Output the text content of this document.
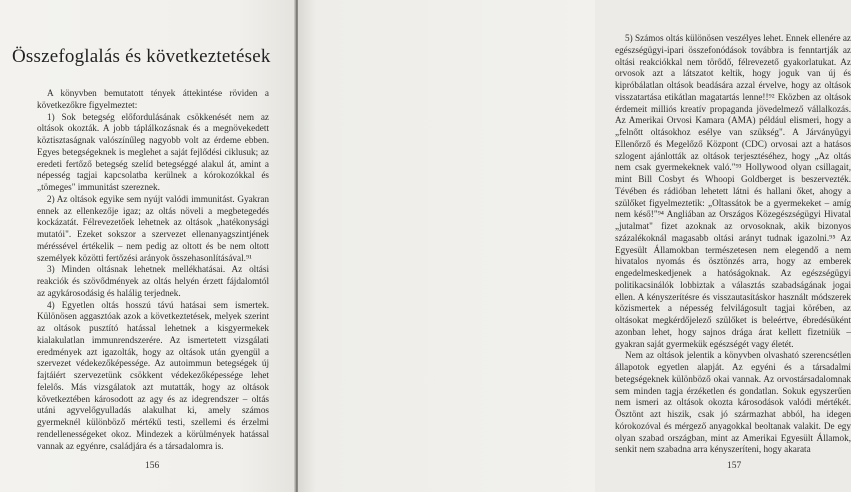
Összefoglalás és következtetések

A könyvben bemutatott tények áttekintése röviden a következőkre figyelmeztet:

1) Sok betegség előfordulásának csökkenését nem az oltások okozták. A jobb táplálkozásnak és a megnövekedett köztisztaságnak valószínűleg nagyobb volt az érdeme ebben. Egyes betegségeknek is meglehet a saját fejlődési ciklusuk; az eredeti fertőző betegség szelíd betegséggé alakul át, amint a népesség tagjai kapcsolatba kerülnek a kórokozókkal és „tömeges" immunitást szereznek.

2) Az oltások egyike sem nyújt valódi immunitást. Gyakran ennek az ellenkezője igaz; az oltás növeli a megbetegedés kockázatát. Félrevezetőek lehetnek az oltások „hatékonysági mutatói". Ezeket sokszor a szervezet ellenanyagszintjének méréssével értékelik – nem pedig az oltott és be nem oltott személyek közötti fertőzési arányok összehasonlításával.⁹¹

3) Minden oltásnak lehetnek mellékhatásai. Az oltási reakciók és szövődmények az oltás helyén érzett fájdalomtól az agykárosodásig és halálig terjednek.

4) Egyetlen oltás hosszú távú hatásai sem ismertek. Különösen aggasztóak azok a következtetések, melyek szerint az oltások pusztító hatással lehetnek a kisgyermekek kialakulatlan immunrendszerére. Az ismertetett vizsgálati eredmények azt igazolták, hogy az oltások után gyengül a szervezet védekezőképessége. Az autoimmun betegségek új fajtáiért szervezetünk csökkent védekezőképessége lehet felelős. Más vizsgálatok azt mutatták, hogy az oltások következtében károsodott az agy és az idegrendszer – oltás utáni agyvelőgyulladás alakulhat ki, amely számos gyermeknél különböző mértékű testi, szellemi és érzelmi rendellenességeket okoz. Mindezek a körülmények hatással vannak az egyénre, családjára és a társadalomra is.

156

5) Számos oltás különösen veszélyes lehet. Ennek ellenére az egészségügyi-ipari összefonódások továbbra is fenntartják az oltási reakciókkal nem törődő, félrevezető gyakorlatukat. Az orvosok azt a látszatot keltik, hogy joguk van új és kipróbálatlan oltások beadására azzal érvelve, hogy az oltások visszatartása etikátlan magatartás lenne!!⁹² Eközben az oltások érdemeit milliós kreatív propaganda jövedelmező vállalkozás. Az Amerikai Orvosi Kamara (AMA) például elismeri, hogy a „felnőtt oltásokhoz esélye van szükség". A Járványügyi Ellenőrző és Megelőző Központ (CDC) orvosai azt a hatásos szlogent ajánlották az oltások terjesztéséhez, hogy „Az oltás nem csak gyermekeknek való."⁹³ Hollywood olyan csillagait, mint Bill Cosbyt és Whoopi Goldberget is beszervezték. Tévében és rádióban lehetett látni és hallani őket, ahogy a szülőket figyelmeztetik: „Oltassátok be a gyermekeket – amíg nem késő!"⁹⁴ Angliában az Országos Közegészségügyi Hivatal „jutalmat" fizet azoknak az orvosoknak, akik bizonyos százalékoknál magasabb oltási arányt tudnak igazolni.⁹⁵ Az Egyesült Államokban természetesen nem elegendő a nem hivatalos nyomás és ösztönzés arra, hogy az emberek engedelmeskedjenek a hatóságoknak. Az egészségügyi politikacsinálók lobbiztak a választás szabadságának jogai ellen. A kényszerítésre és visszautasításkor használt módszerek közismertek a népesség felvilágosult tagjai körében, az oltásokat megkérdőjelező szülőket is beleértve, ébredésüként azonban lehet, hogy sajnos drága árat kellett fizetniük – gyakran saját gyermekük egészségét vagy életét.

Nem az oltások jelentik a könyvben olvasható szerencsétlen állapotok egyetlen alapját. Az egyéni és a társadalmi betegségeknek különböző okai vannak. Az orvostársadalomnak sem minden tagja érzéketlen és gondatlan. Sokuk egyszerűen nem ismeri az oltások okozta károsodások valódi mértékét. Ösztönt azt hiszik, csak jó származhat abból, ha idegen kórokozóval és mérgező anyagokkal beoltanak valakit. De egy olyan szabad országban, mint az Amerikai Egyesült Államok, senkit nem szabadna arra kényszeríteni, hogy akarata

157
